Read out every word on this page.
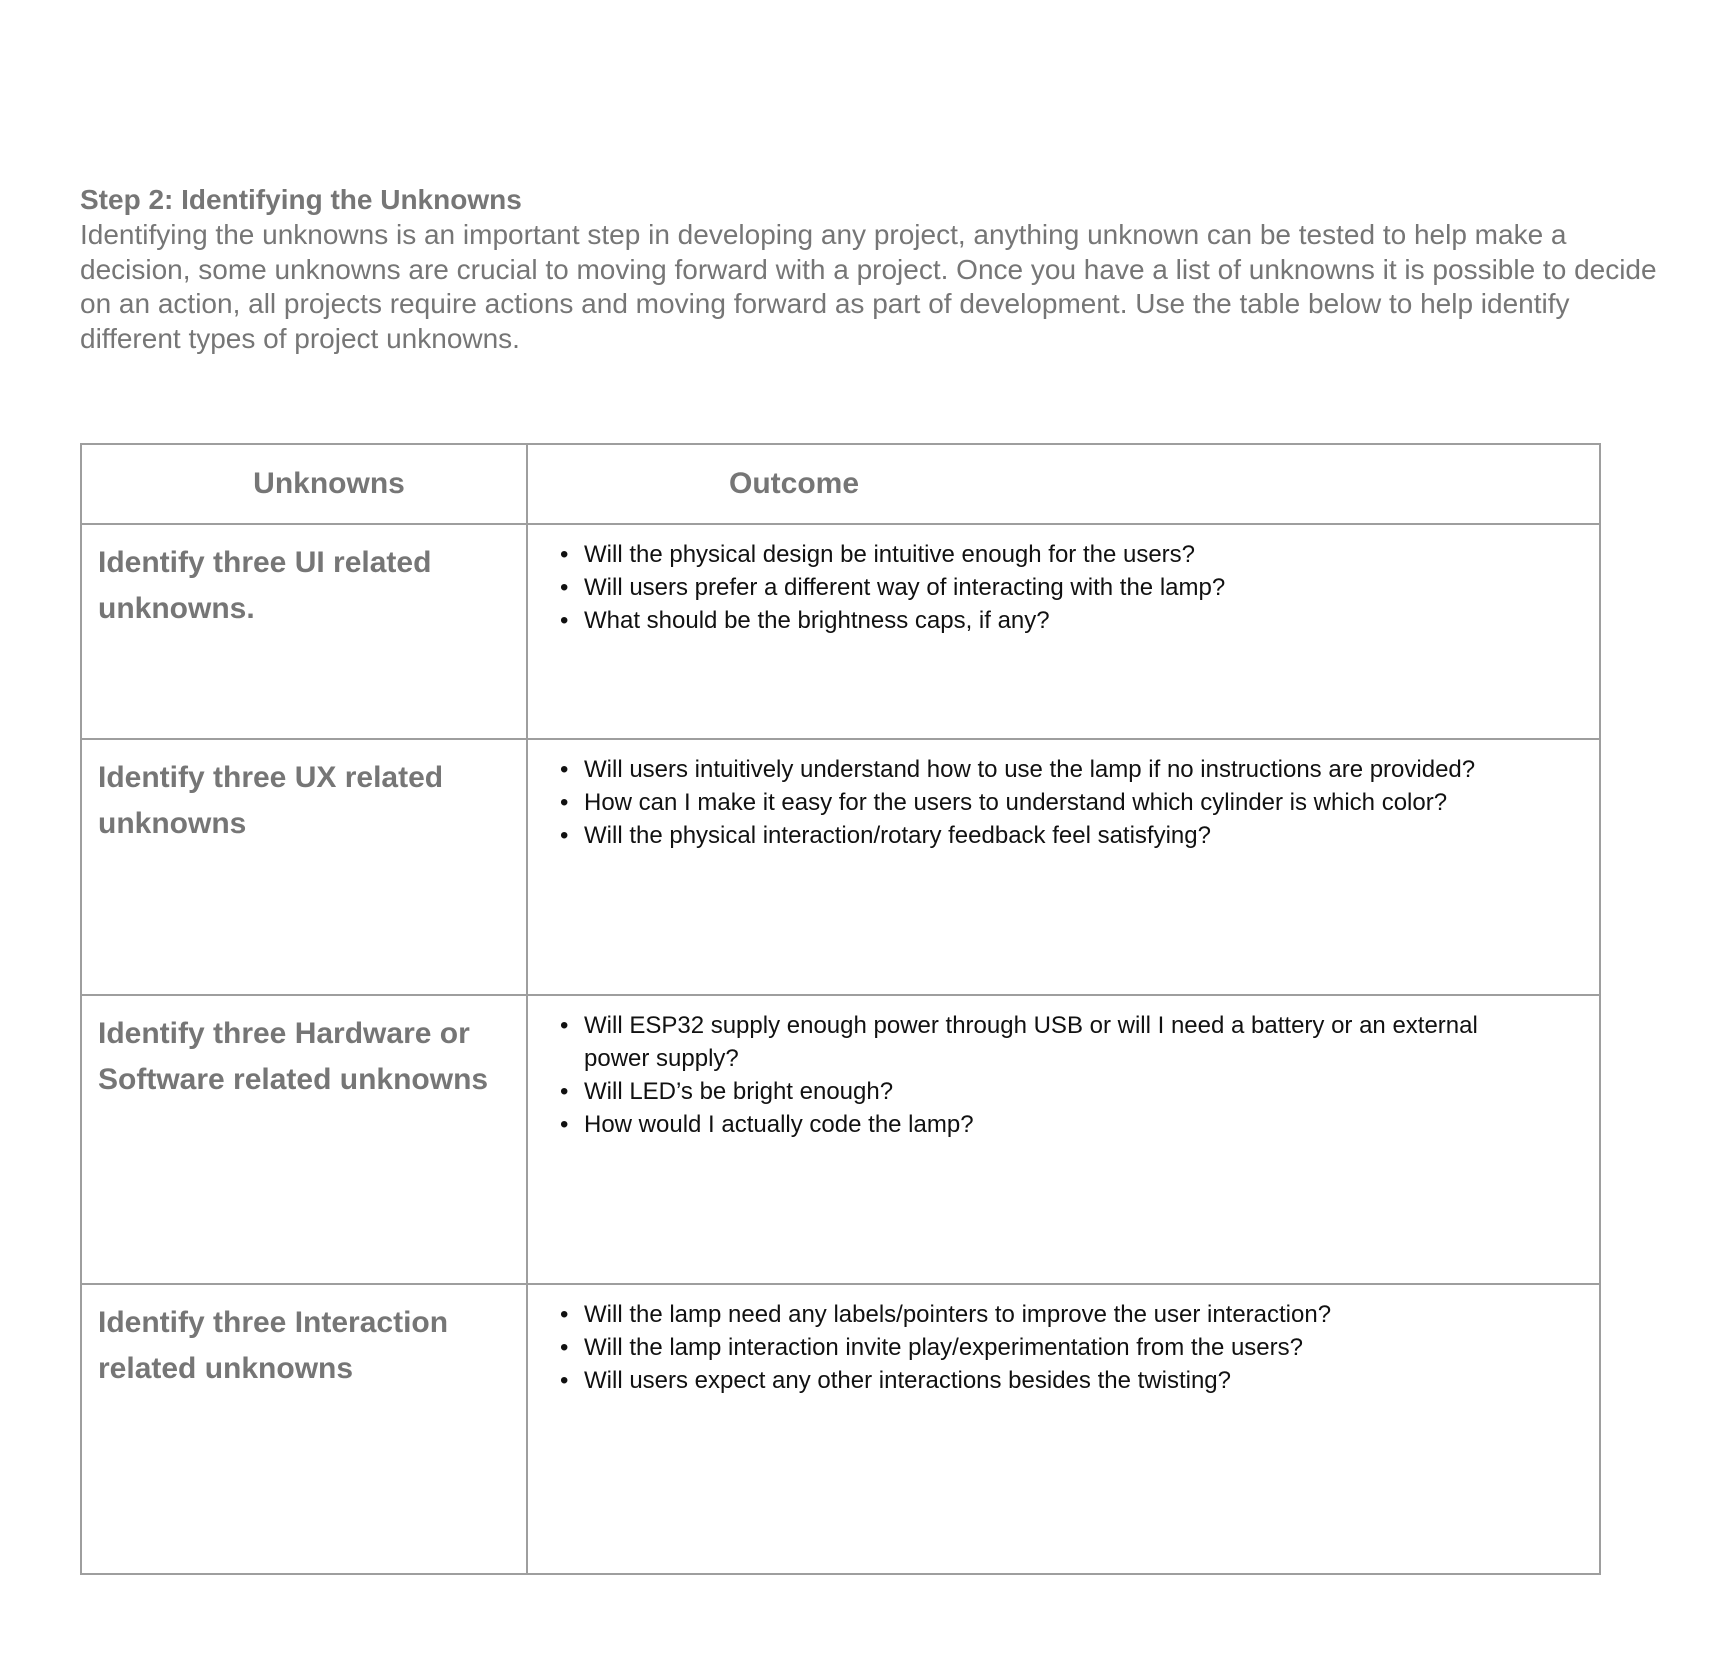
Step 2: Identifying the Unknowns

Identifying the unknowns is an important step in developing any project, anything unknown can be tested to help make a decision, some unknowns are crucial to moving forward with a project. Once you have a list of unknowns it is possible to decide on an action, all projects require actions and moving forward as part of development. Use the table below to help identify different types of project unknowns.

Unknowns	Outcome
Identify three UI related unknowns.	
• Will the physical design be intuitive enough for the users?
• Will users prefer a different way of interacting with the lamp?
• What should be the brightness caps, if any?

Identify three UX related unknowns	
• Will users intuitively understand how to use the lamp if no instructions are provided?
• How can I make it easy for the users to understand which cylinder is which color?
• Will the physical interaction/rotary feedback feel satisfying?

Identify three Hardware or Software related unknowns	
• Will ESP32 supply enough power through USB or will I need a battery or an external power supply?
• Will LED’s be bright enough?
• How would I actually code the lamp?

Identify three Interaction related unknowns	
• Will the lamp need any labels/pointers to improve the user interaction?
• Will the lamp interaction invite play/experimentation from the users?
• Will users expect any other interactions besides the twisting?
